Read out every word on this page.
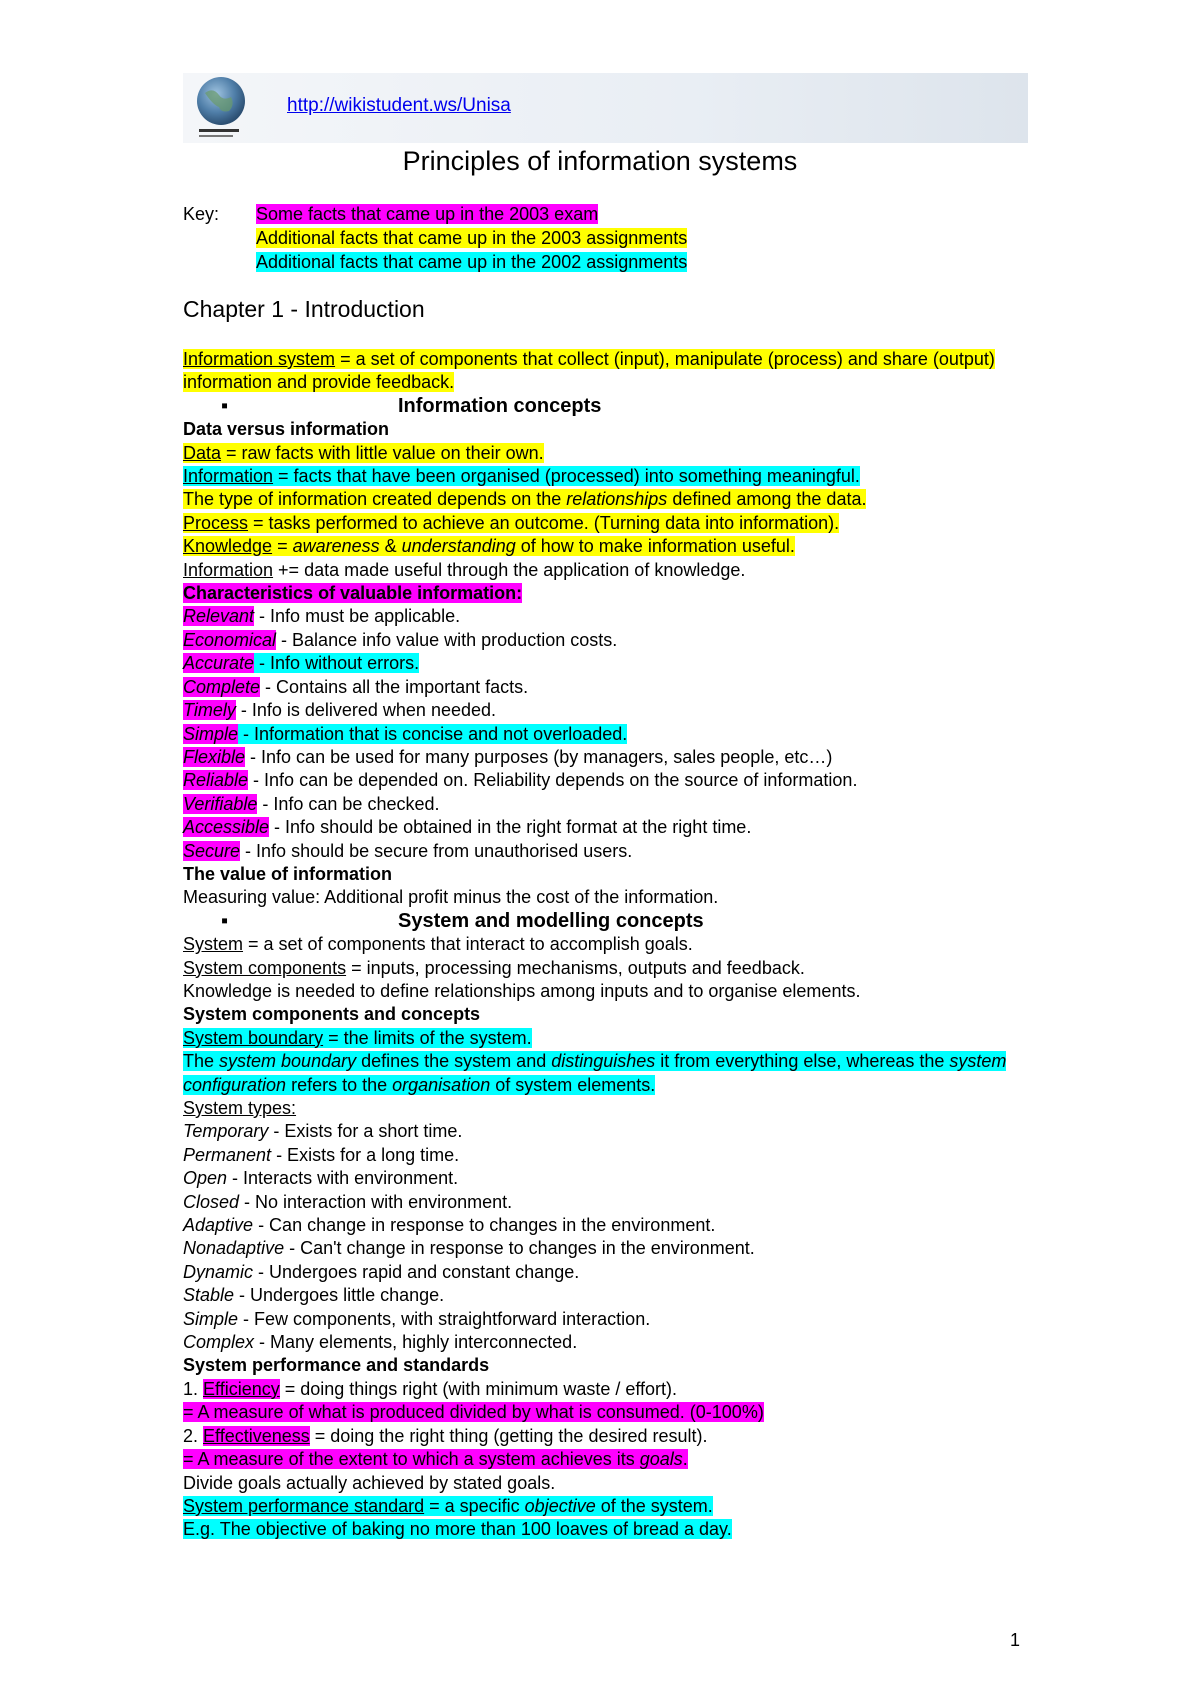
http://wikistudent.ws/Unisa
Principles of information systems
Key: Some facts that came up in the 2003 exam
Additional facts that came up in the 2003 assignments
Additional facts that came up in the 2002 assignments
Chapter 1 - Introduction
Information system = a set of components that collect (input), manipulate (process) and share (output) information and provide feedback.
▪	Information concepts
Data versus information
Data = raw facts with little value on their own.
Information = facts that have been organised (processed) into something meaningful.
The type of information created depends on the relationships defined among the data.
Process = tasks performed to achieve an outcome. (Turning data into information).
Knowledge = awareness & understanding of how to make information useful.
Information += data made useful through the application of knowledge.
Characteristics of valuable information:
Relevant - Info must be applicable.
Economical - Balance info value with production costs.
Accurate - Info without errors.
Complete - Contains all the important facts.
Timely - Info is delivered when needed.
Simple - Information that is concise and not overloaded.
Flexible - Info can be used for many purposes (by managers, sales people, etc…)
Reliable - Info can be depended on. Reliability depends on the source of information.
Verifiable - Info can be checked.
Accessible - Info should be obtained in the right format at the right time.
Secure - Info should be secure from unauthorised users.
The value of information
Measuring value: Additional profit minus the cost of the information.
▪	System and modelling concepts
System = a set of components that interact to accomplish goals.
System components = inputs, processing mechanisms, outputs and feedback.
Knowledge is needed to define relationships among inputs and to organise elements.
System components and concepts
System boundary = the limits of the system.
The system boundary defines the system and distinguishes it from everything else, whereas the system configuration refers to the organisation of system elements.
System types:
Temporary - Exists for a short time.
Permanent - Exists for a long time.
Open - Interacts with environment.
Closed - No interaction with environment.
Adaptive - Can change in response to changes in the environment.
Nonadaptive - Can't change in response to changes in the environment.
Dynamic - Undergoes rapid and constant change.
Stable - Undergoes little change.
Simple - Few components, with straightforward interaction.
Complex - Many elements, highly interconnected.
System performance and standards
1. Efficiency = doing things right (with minimum waste / effort).
= A measure of what is produced divided by what is consumed. (0-100%)
2. Effectiveness = doing the right thing (getting the desired result).
= A measure of the extent to which a system achieves its goals.
Divide goals actually achieved by stated goals.
System performance standard = a specific objective of the system.
E.g. The objective of baking no more than 100 loaves of bread a day.
1
